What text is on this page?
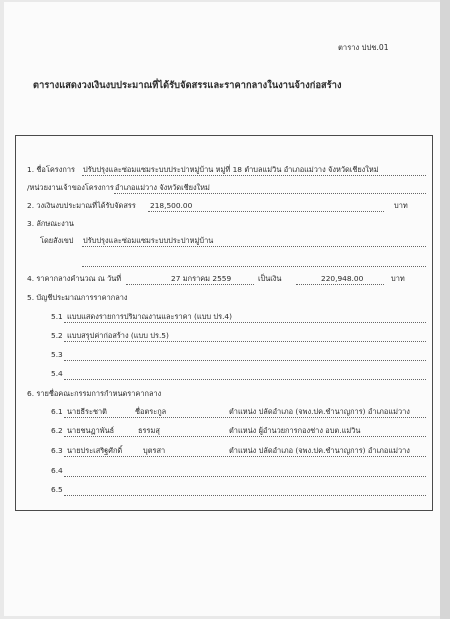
ตาราง ปปช.01
ตารางแสดงวงเงินงบประมาณที่ได้รับจัดสรรและราคากลางในงานจ้างก่อสร้าง
1. ชื่อโครงการ ปรับปรุงและซ่อมแซมระบบประปาหมู่บ้าน หมู่ที่ 18 ตำบลแม่วิน อำเภอแม่วาง จังหวัดเชียงใหม่
/หน่วยงานเจ้าของโครงการ อำเภอแม่วาง จังหวัดเชียงใหม่
2. วงเงินงบประมาณที่ได้รับจัดสรร 218,500.00	บาท
3. ลักษณะงาน
โดยสังเขป ปรับปรุงและซ่อมแซมระบบประปาหมู่บ้าน
4. ราคากลางคำนวณ ณ วันที่	27 มกราคม 2559	เป็นเงิน	220,948.00	บาท
5. บัญชีประมาณการราคากลาง
5.1 แบบแสดงรายการปริมาณงานและราคา (แบบ ปร.4)
5.2 แบบสรุปค่าก่อสร้าง (แบบ ปร.5)
5.3
5.4
6. รายชื่อคณะกรรมการกำหนดราคากลาง
6.1 นายธีระชาติ	ชื่อตระกูล	ตำแหน่ง ปลัดอำเภอ (จพง.ปค.ชำนาญการ) อำเภอแม่วาง
6.2 นายชนฏาพันธ์	ธรรมสุ	ตำแหน่ง ผู้อำนวยการกองช่าง อบต.แม่วิน
6.3 นายประเสริฐศักดิ์	บุตรสา	ตำแหน่ง ปลัดอำเภอ (จพง.ปค.ชำนาญการ) อำเภอแม่วาง
6.4
6.5
